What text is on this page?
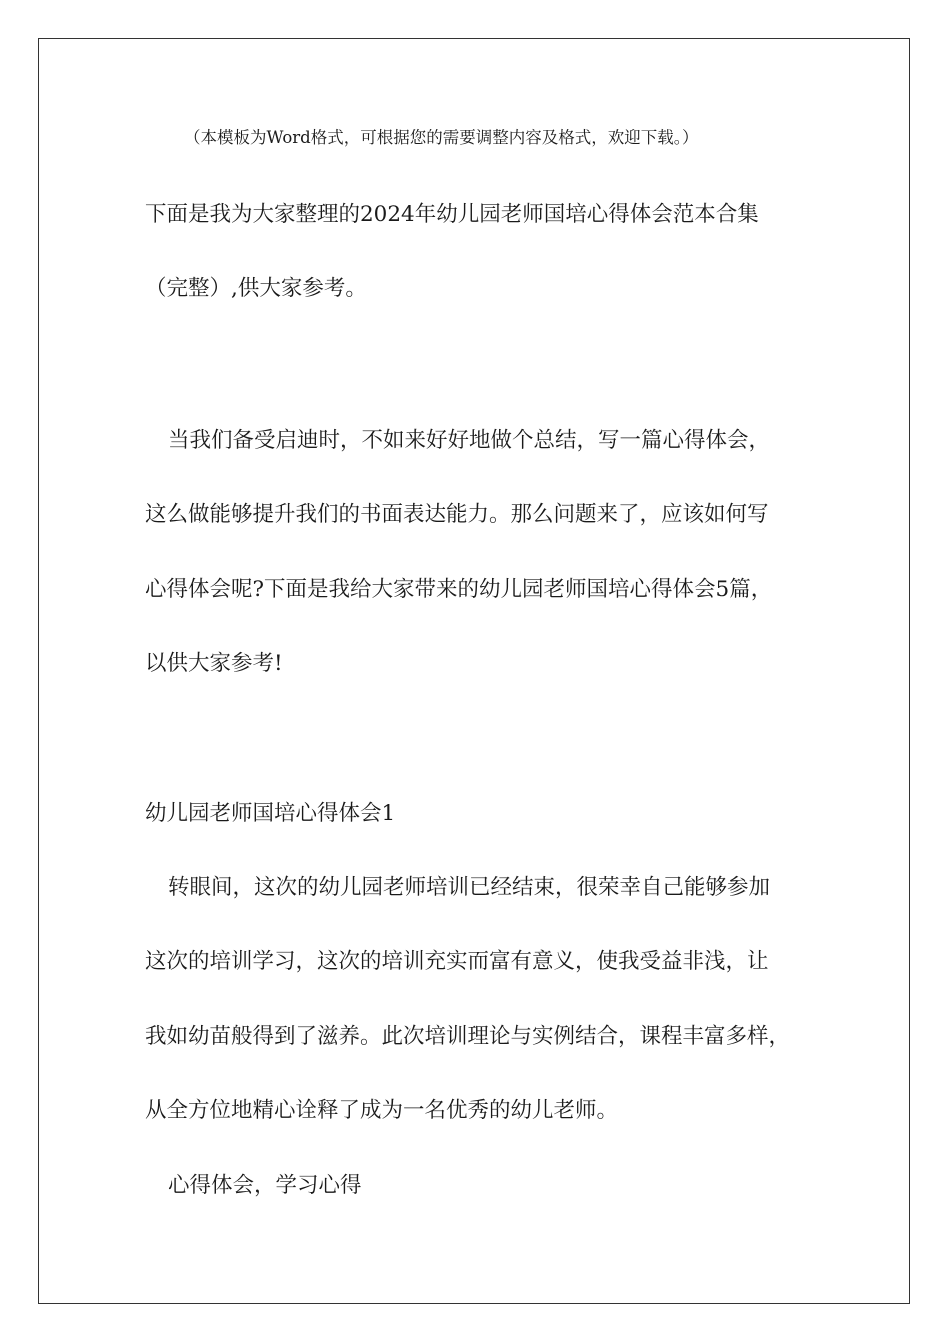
（本模板为Word格式，可根据您的需要调整内容及格式，欢迎下载。）
下面是我为大家整理的2024年幼儿园老师国培心得体会范本合集
（完整）,供大家参考。
当我们备受启迪时，不如来好好地做个总结，写一篇心得体会，
这么做能够提升我们的书面表达能力。那么问题来了，应该如何写
心得体会呢?下面是我给大家带来的幼儿园老师国培心得体会5篇，
以供大家参考!
幼儿园老师国培心得体会1
转眼间，这次的幼儿园老师培训已经结束，很荣幸自己能够参加
这次的培训学习，这次的培训充实而富有意义，使我受益非浅，让
我如幼苗般得到了滋养。此次培训理论与实例结合，课程丰富多样，
从全方位地精心诠释了成为一名优秀的幼儿老师。
心得体会，学习心得
